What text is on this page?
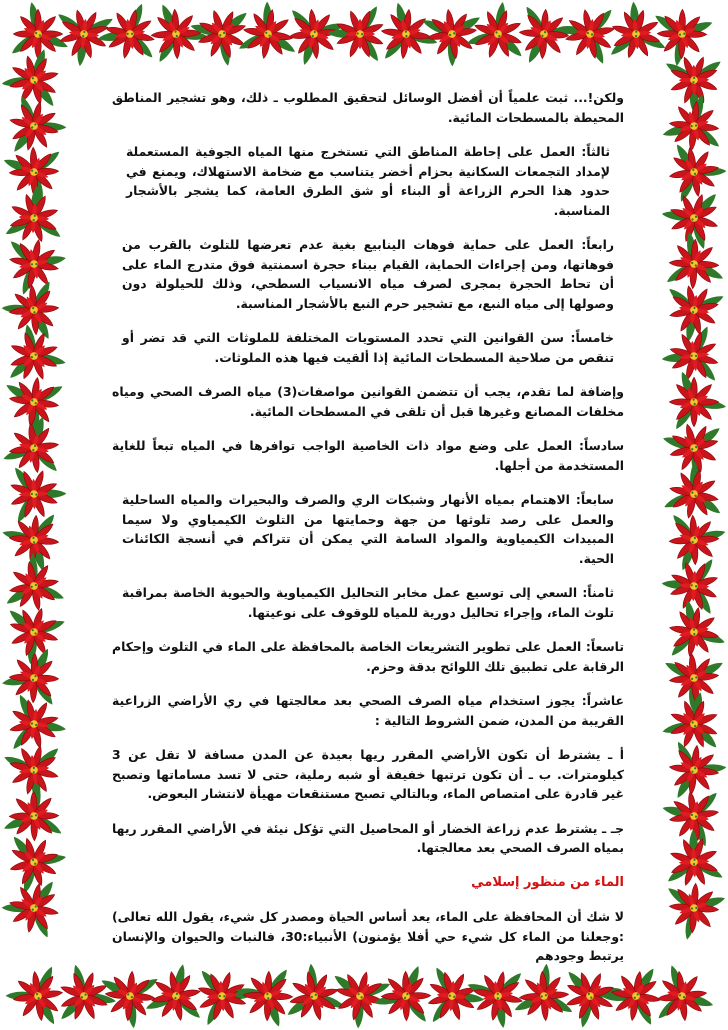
ولكن!... ثبت علمياً أن أفضل الوسائل لتحقيق المطلوب ـ ذلك، وهو تشجير المناطق المحيطة بالمسطحات المائية.

ثالثاً: العمل على إحاطة المناطق التي تستخرج منها المياه الجوفية المستعملة لإمداد التجمعات السكانية بحزام أخضر يتناسب مع ضخامة الاستهلاك، ويمنع في حدود هذا الحرم الزراعة أو البناء أو شق الطرق العامة، كما يشجر بالأشجار المناسبة.

رابعاً: العمل على حماية فوهات الينابيع بغية عدم تعرضها للتلوث بالقرب من فوهاتها، ومن إجراءات الحماية، القيام ببناء حجرة اسمنتية فوق متدرج الماء على أن تحاط الحجرة بمجرى لصرف مياه الانسياب السطحي، وذلك للحيلولة دون وصولها إلى مياه النبع، مع تشجير حرم النبع بالأشجار المناسبة.

خامساً: سن القوانين التي تحدد المستويات المختلفة للملوثات التي قد تضر أو تنقص من صلاحية المسطحات المائية إذا ألقيت فيها هذه الملوثات.

وإضافة لما تقدم، يجب أن تتضمن القوانين مواصفات(3) مياه الصرف الصحي ومياه مخلفات المصانع وغيرها قبل أن تلقى في المسطحات المائية.

سادساً: العمل على وضع مواد ذات الخاصية الواجب توافرها في المياه تبعاً للغاية المستخدمة من أجلها.

سابعاً: الاهتمام بمياه الأنهار وشبكات الري والصرف والبحيرات والمياه الساحلية والعمل على رصد تلوثها من جهة وحمايتها من التلوث الكيمياوي ولا سيما المبيدات الكيمياوية والمواد السامة التي يمكن أن تتراكم في أنسجة الكائنات الحية.

ثامناً: السعي إلى توسيع عمل مخابر التحاليل الكيمياوية والحيوية الخاصة بمراقبة تلوث الماء، وإجراء تحاليل دورية للمياه للوقوف على نوعيتها.

تاسعاً: العمل على تطوير التشريعات الخاصة بالمحافظة على الماء في التلوث وإحكام الرقابة على تطبيق تلك اللوائح بدقة وحزم.

عاشراً: يجوز استخدام مياه الصرف الصحي بعد معالجتها في ري الأراضي الزراعية القريبة من المدن، ضمن الشروط التالية :

أ ـ يشترط أن تكون الأراضي المقرر ريها بعيدة عن المدن مسافة لا تقل عن 3 كيلومترات. ب ـ أن تكون ترتبها خفيفة أو شبه رملية، حتى لا تسد مساماتها وتصبح غير قادرة على امتصاص الماء، وبالتالي تصبح مستنقعات مهيأة لانتشار البعوض.

جـ ـ يشترط عدم زراعة الخضار أو المحاصيل التي تؤكل نيئة في الأراضي المقرر ريها بمياه الصرف الصحي بعد معالجتها.

الماء من منظور إسلامي

لا شك أن المحافظة على الماء، يعد أساس الحياة ومصدر كل شيء، يقول الله تعالى) :وجعلنا من الماء كل شيء حي أفلا يؤمنون) الأنبياء:30، فالنبات والحيوان والإنسان يرتبط وجودهم
